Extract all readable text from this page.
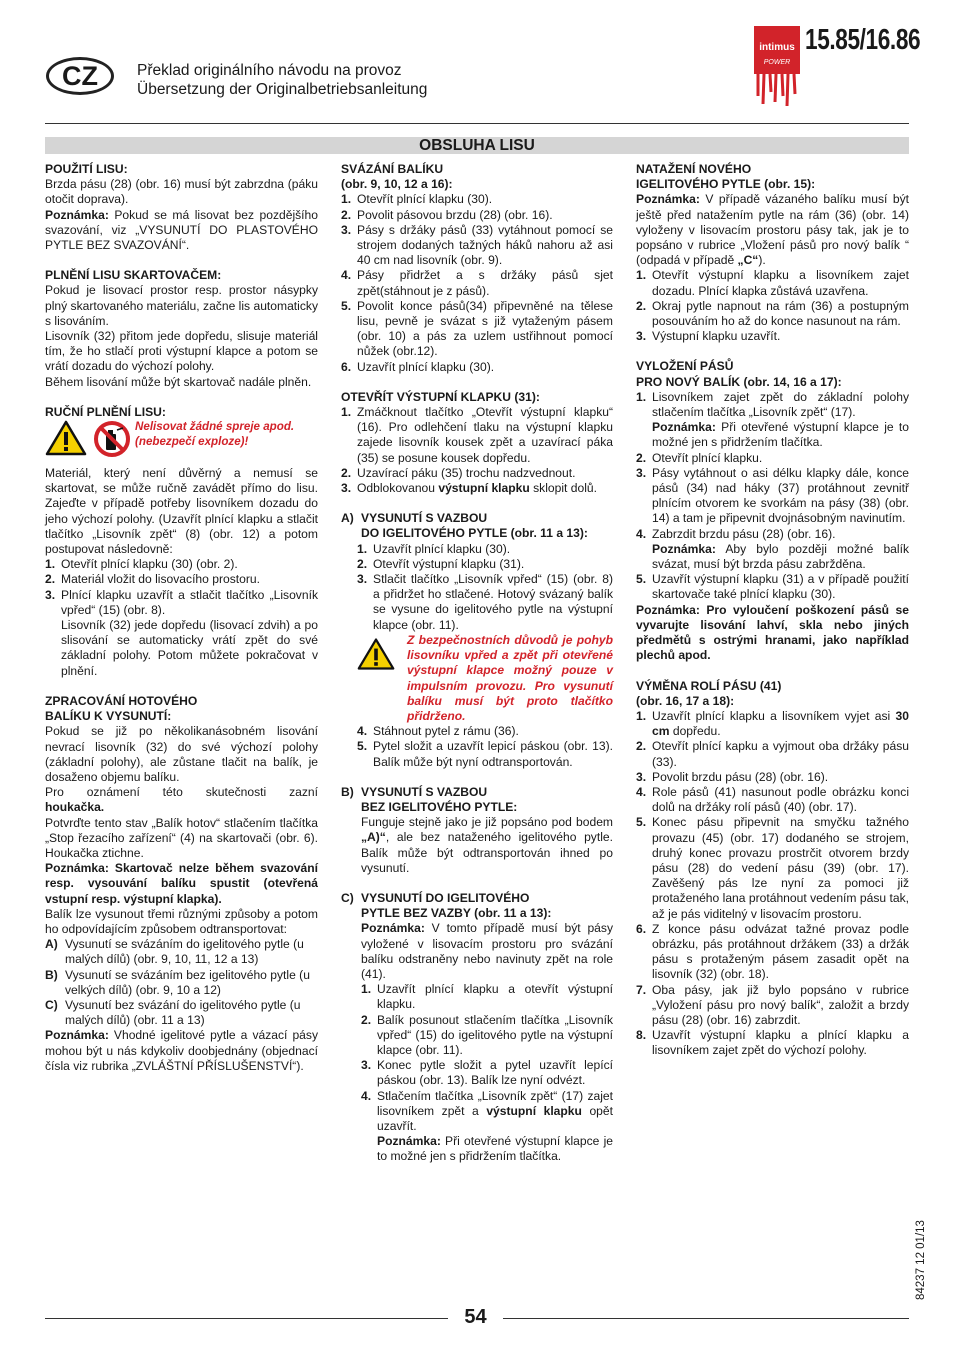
CZ	Překlad originálního návodu na provoz
Übersetzung der Originalbetriebsanleitung
intimus
POWER
15.85/16.86
OBSLUHA LISU

POUŽITÍ LISU:

Brzda pásu (28) (obr. 16) musí být zabrzdna (páku otočit doprava).

Poznámka: Pokud se má lisovat bez pozdějšího svazování, viz „VYSUNUTÍ DO PLASTOVÉHO PYTLE BEZ SVAZOVÁNÍ“.

PLNĚNÍ LISU SKARTOVAČEM:

Pokud je lisovací prostor resp. prostor násypky plný skartovaného materiálu, začne lis automaticky s lisováním.

Lisovník (32) přitom jede dopředu, slisuje materiál tím, že ho stlačí proti výstupní klapce a potom se vrátí dozadu do výchozí polohy.

Během lisování může být skartovač nadále plněn.

RUČNÍ PLNĚNÍ LISU:

Nelisovat žádné spreje apod. (nebezpečí exploze)!

Materiál, který není důvěrný a nemusí se skartovat, se může ručně zavádět přímo do lisu. Zajeďte v případě potřeby lisovníkem dozadu do jeho výchozí polohy. (Uzavřít plnící klapku a stlačit tlačítko „Lisovník zpět“ (8) (obr. 12) a potom postupovat následovně:

1. Otevřít plnící klapku (30) (obr. 2).
2. Materiál vložit do lisovacího prostoru.
3. Plnící klapku uzavřít a stlačit tlačítko „Lisovník vpřed“ (15) (obr. 8).

Lisovník (32) jede dopředu (lisovací zdvih) a po slisování se automaticky vrátí zpět do své základní polohy. Potom můžete pokračovat v plnění.

ZPRACOVÁNÍ HOTOVÉHO

BALÍKU K VYSUNUTÍ:

Pokud se již po několikanásobném lisování nevrací lisovník (32) do své výchozí polohy (základní polohy), ale zůstane tlačit na balík, je dosaženo objemu balíku.

Pro oznámení této skutečnosti zazní

houkačka.

Potvrďte tento stav „Balík hotov“ stlačením tlačítka „Stop řezacího zařízení“ (4) na skartovači (obr. 6). Houkačka ztichne.

Poznámka: Skartovač nelze během svazování resp. vysouvání balíku spustit (otevřená vstupní resp. výstupní klapka).

Balík lze vysunout třemi různými způsoby a potom ho odpovídajícím způsobem odtransportovat:

A) Vysunutí se svázáním do igelitového pytle (u malých dílů) (obr. 9, 10, 11, 12 a 13)
B) Vysunutí se svázáním bez igelitového pytle (u velkých dílů) (obr. 9, 10 a 12)
C) Vysunutí bez svázání do igelitového pytle (u malých dílů) (obr. 11 a 13)

Poznámka: Vhodné igelitové pytle a vázací pásy mohou být u nás kdykoliv doobjednány (objednací čísla viz rubrika „ZVLÁŠTNÍ PŘÍSLUŠENSTVÍ“).

SVÁZÁNÍ BALÍKU

(obr. 9, 10, 12 a 16):

1. Otevřít plnící klapku (30).
2. Povolit pásovou brzdu (28) (obr. 16).
3. Pásy s držáky pásů (33) vytáhnout pomocí se strojem dodaných tažných háků nahoru až asi 40 cm nad lisovník (obr. 9).
4. Pásy přidržet a s držáky pásů sjet zpět(stáhnout je z pásů).
5. Povolit konce pásů(34) připevněné na tělese lisu, pevně je svázat s již vytaženým pásem (obr. 10) a pás za uzlem ustřihnout pomocí nůžek (obr.12).
6. Uzavřít plnící klapku (30).

OTEVŘÍT VÝSTUPNÍ KLAPKU (31):

1. Zmáčknout tlačítko „Otevřít výstupní klapku“ (16). Pro odlehčení tlaku na výstupní klapku zajede lisovník kousek zpět a uzavírací páka (35) se posune kousek dopředu.
2. Uzavírací páku (35) trochu nadzvednout.
3. Odblokovanou výstupní klapku sklopit dolů.
A) VYSUNUTÍ S VAZBOU
DO IGELITOVÉHO PYTLE (obr. 11 a 13):
1. Uzavřít plnící klapku (30).
2. Otevřít výstupní klapku (31).
3. Stlačit tlačítko „Lisovník vpřed“ (15) (obr. 8) a přidržet ho stlačené. Hotový svázaný balík se vysune do igelitového pytle na výstupní klapce (obr. 11).
Z bezpečnostních důvodů je pohyb lisovníku vpřed a zpět při otevřené výstupní klapce možný pouze v impulsním provozu. Pro vysunutí balíku musí být proto tlačítko přidrženo.
4. Stáhnout pytel z rámu (36).
5. Pytel složit a uzavřít lepicí páskou (obr. 13). Balík může být nyní odtransportován.
B) VYSUNUTÍ S VAZBOU
BEZ IGELITOVÉHO PYTLE:

Funguje stejně jako je již popsáno pod bodem „A)“, ale bez nataženého igelitového pytle. Balík může být odtransportován ihned po vysunutí.

C) VYSUNUTÍ DO IGELITOVÉHO
PYTLE BEZ VAZBY (obr. 11 a 13):

Poznámka: V tomto případě musí být pásy vyložené v lisovacím prostoru pro svázání balíku odstraněny nebo navinuty zpět na role (41).

1. Uzavřít plnící klapku a otevřít výstupní klapku.
2. Balík posunout stlačením tlačítka „Lisovník vpřed“ (15) do igelitového pytle na výstupní klapce (obr. 11).
3. Konec pytle složit a pytel uzavřít lepící páskou (obr. 13). Balík lze nyní odvézt.
4. Stlačením tlačítka „Lisovník zpět“ (17) zajet lisovníkem zpět a výstupní klapku opět uzavřít.

Poznámka: Při otevřené výstupní klapce je to možné jen s přidržením tlačítka.

NATAŽENÍ NOVÉHO

IGELITOVÉHO PYTLE (obr. 15):

Poznámka: V případě vázaného balíku musí být ještě před natažením pytle na rám (36) (obr. 14) vyloženy v lisovacím prostoru pásy tak, jak je to popsáno v rubrice „Vložení pásů pro nový balík “ (odpadá v případě „C“).

1. Otevřít výstupní klapku a lisovníkem zajet dozadu. Plnící klapka zůstává uzavřena.
2. Okraj pytle napnout na rám (36) a postupným posouváním ho až do konce nasunout na rám.
3. Výstupní klapku uzavřít.

VYLOŽENÍ PÁSŮ

PRO NOVÝ BALÍK (obr. 14, 16 a 17):

1. Lisovníkem zajet zpět do základní polohy stlačením tlačítka „Lisovník zpět“ (17).

Poznámka: Při otevřené výstupní klapce je to možné jen s přidržením tlačítka.

2. Otevřít plnící klapku.
3. Pásy vytáhnout o asi délku klapky dále, konce pásů (34) nad háky (37) protáhnout zevnitř plnícím otvorem ke svorkám na pásy (38) (obr. 14) a tam je připevnit dvojnásobným navinutím.
4. Zabrzdit brzdu pásu (28) (obr. 16).

Poznámka: Aby bylo později možné balík svázat, musí být brzda pásu zabržděna.

5. Uzavřít výstupní klapku (31) a v případě použití skartovače také plnící klapku (30).

Poznámka: Pro vyloučení poškození pásů se vyvarujte lisování lahví, skla nebo jiných předmětů s ostrými hranami, jako například plechů apod.

VÝMĚNA ROLÍ PÁSU (41)

(obr. 16, 17 a 18):

1. Uzavřít plnící klapku a lisovníkem vyjet asi 30 cm dopředu.
2. Otevřít plnící kapku a vyjmout oba držáky pásu (33).
3. Povolit brzdu pásu (28) (obr. 16).
4. Role pásů (41) nasunout podle obrázku konci dolů na držáky rolí pásů (40) (obr. 17).
5. Konec pásu připevnit na smyčku tažného provazu (45) (obr. 17) dodaného se strojem, druhý konec provazu prostrčit otvorem brzdy pásu (28) do vedení pásu (39) (obr. 17). Zavěšený pás lze nyní za pomoci již protaženého lana protáhnout vedením pásu tak, až je pás viditelný v lisovacím prostoru.
6. Z konce pásu odvázat tažné provaz podle obrázku, pás protáhnout držákem (33) a držák pásu s protaženým pásem zasadit opět na lisovník (32) (obr. 18).
7. Oba pásy, jak již bylo popsáno v rubrice „Vyložení pásu pro nový balík“, založit a brzdy pásu (28) (obr. 16) zabrzdit.
8. Uzavřít výstupní klapku a plnící klapku a lisovníkem zajet zpět do výchozí polohy.
84237 12 01/13
54
